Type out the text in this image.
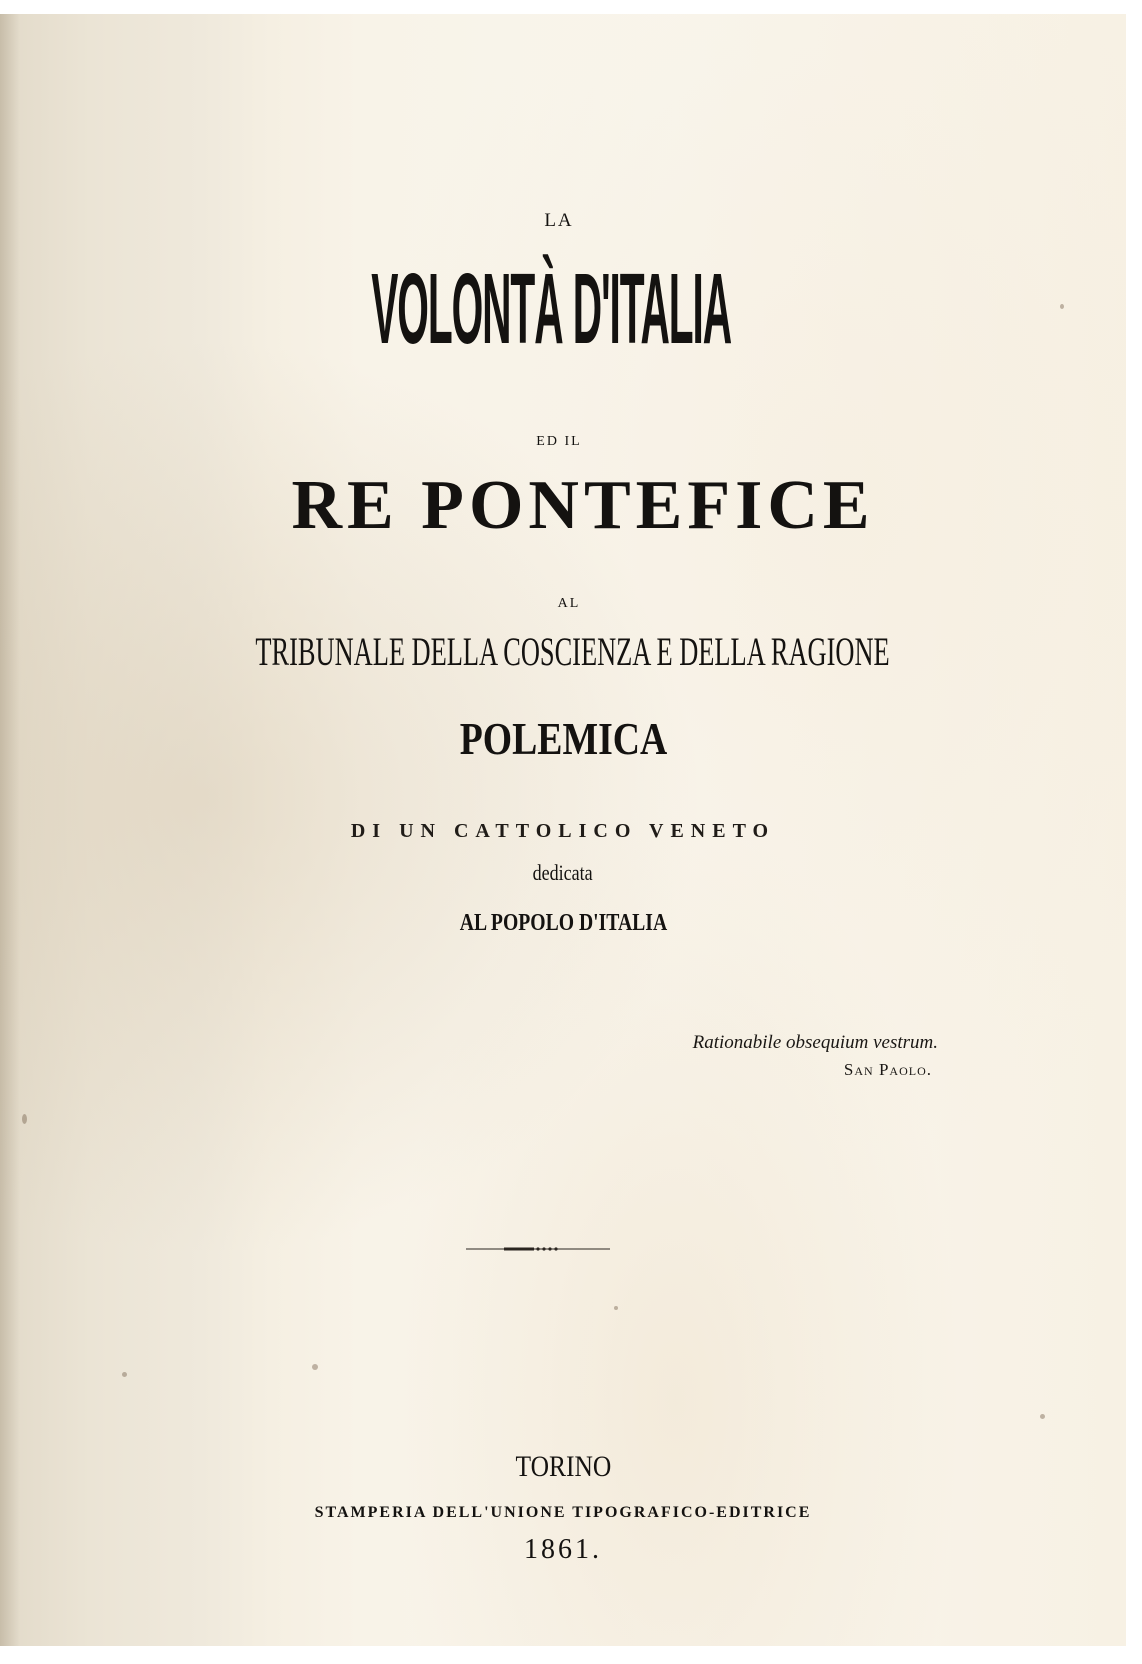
LA

VOLONTÀ D'ITALIA

ED IL

RE PONTEFICE

AL

TRIBUNALE DELLA COSCIENZA E DELLA RAGIONE

POLEMICA

DI UN CATTOLICO VENETO

dedicata

AL POPOLO D'ITALIA

Rationabile obsequium vestrum.

San Paolo.

TORINO

STAMPERIA DELL'UNIONE TIPOGRAFICO-EDITRICE

1861.
